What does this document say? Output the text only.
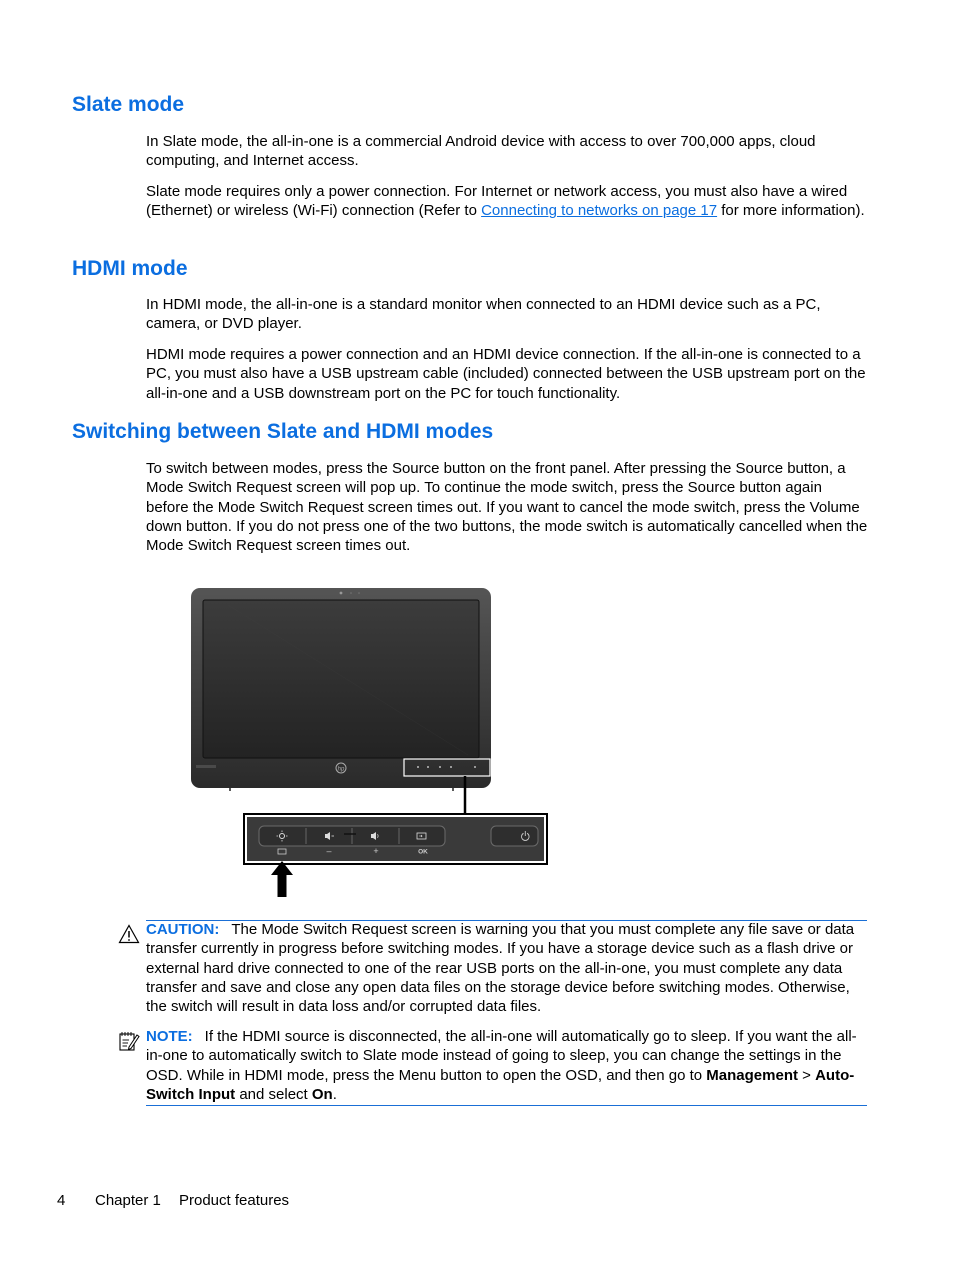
Slate mode

In Slate mode, the all-in-one is a commercial Android device with access to over 700,000 apps, cloud computing, and Internet access.

Slate mode requires only a power connection. For Internet or network access, you must also have a wired (Ethernet) or wireless (Wi-Fi) connection (Refer to Connecting to networks on page 17 for more information).

HDMI mode

In HDMI mode, the all-in-one is a standard monitor when connected to an HDMI device such as a PC, camera, or DVD player.

HDMI mode requires a power connection and an HDMI device connection. If the all-in-one is connected to a PC, you must also have a USB upstream cable (included) connected between the USB upstream port on the all-in-one and a USB downstream port on the PC for touch functionality.

Switching between Slate and HDMI modes

To switch between modes, press the Source button on the front panel. After pressing the Source button, a Mode Switch Request screen will pop up. To continue the mode switch, press the Source button again before the Mode Switch Request screen times out. If you want to cancel the mode switch, press the Volume down button. If you do not press one of the two buttons, the mode switch is automatically cancelled when the Mode Switch Request screen times out.

hp
–	+	OK
CAUTION: The Mode Switch Request screen is warning you that you must complete any file save or data transfer currently in progress before switching modes. If you have a storage device such as a flash drive or external hard drive connected to one of the rear USB ports on the all-in-one, you must complete any data transfer and save and close any open data files on the storage device before switching modes. Otherwise, the switch will result in data loss and/or corrupted data files.
NOTE: If the HDMI source is disconnected, the all-in-one will automatically go to sleep. If you want the all-in-one to automatically switch to Slate mode instead of going to sleep, you can change the settings in the OSD. While in HDMI mode, press the Menu button to open the OSD, and then go to Management > Auto-Switch Input and select On.
4 Chapter 1 Product features
